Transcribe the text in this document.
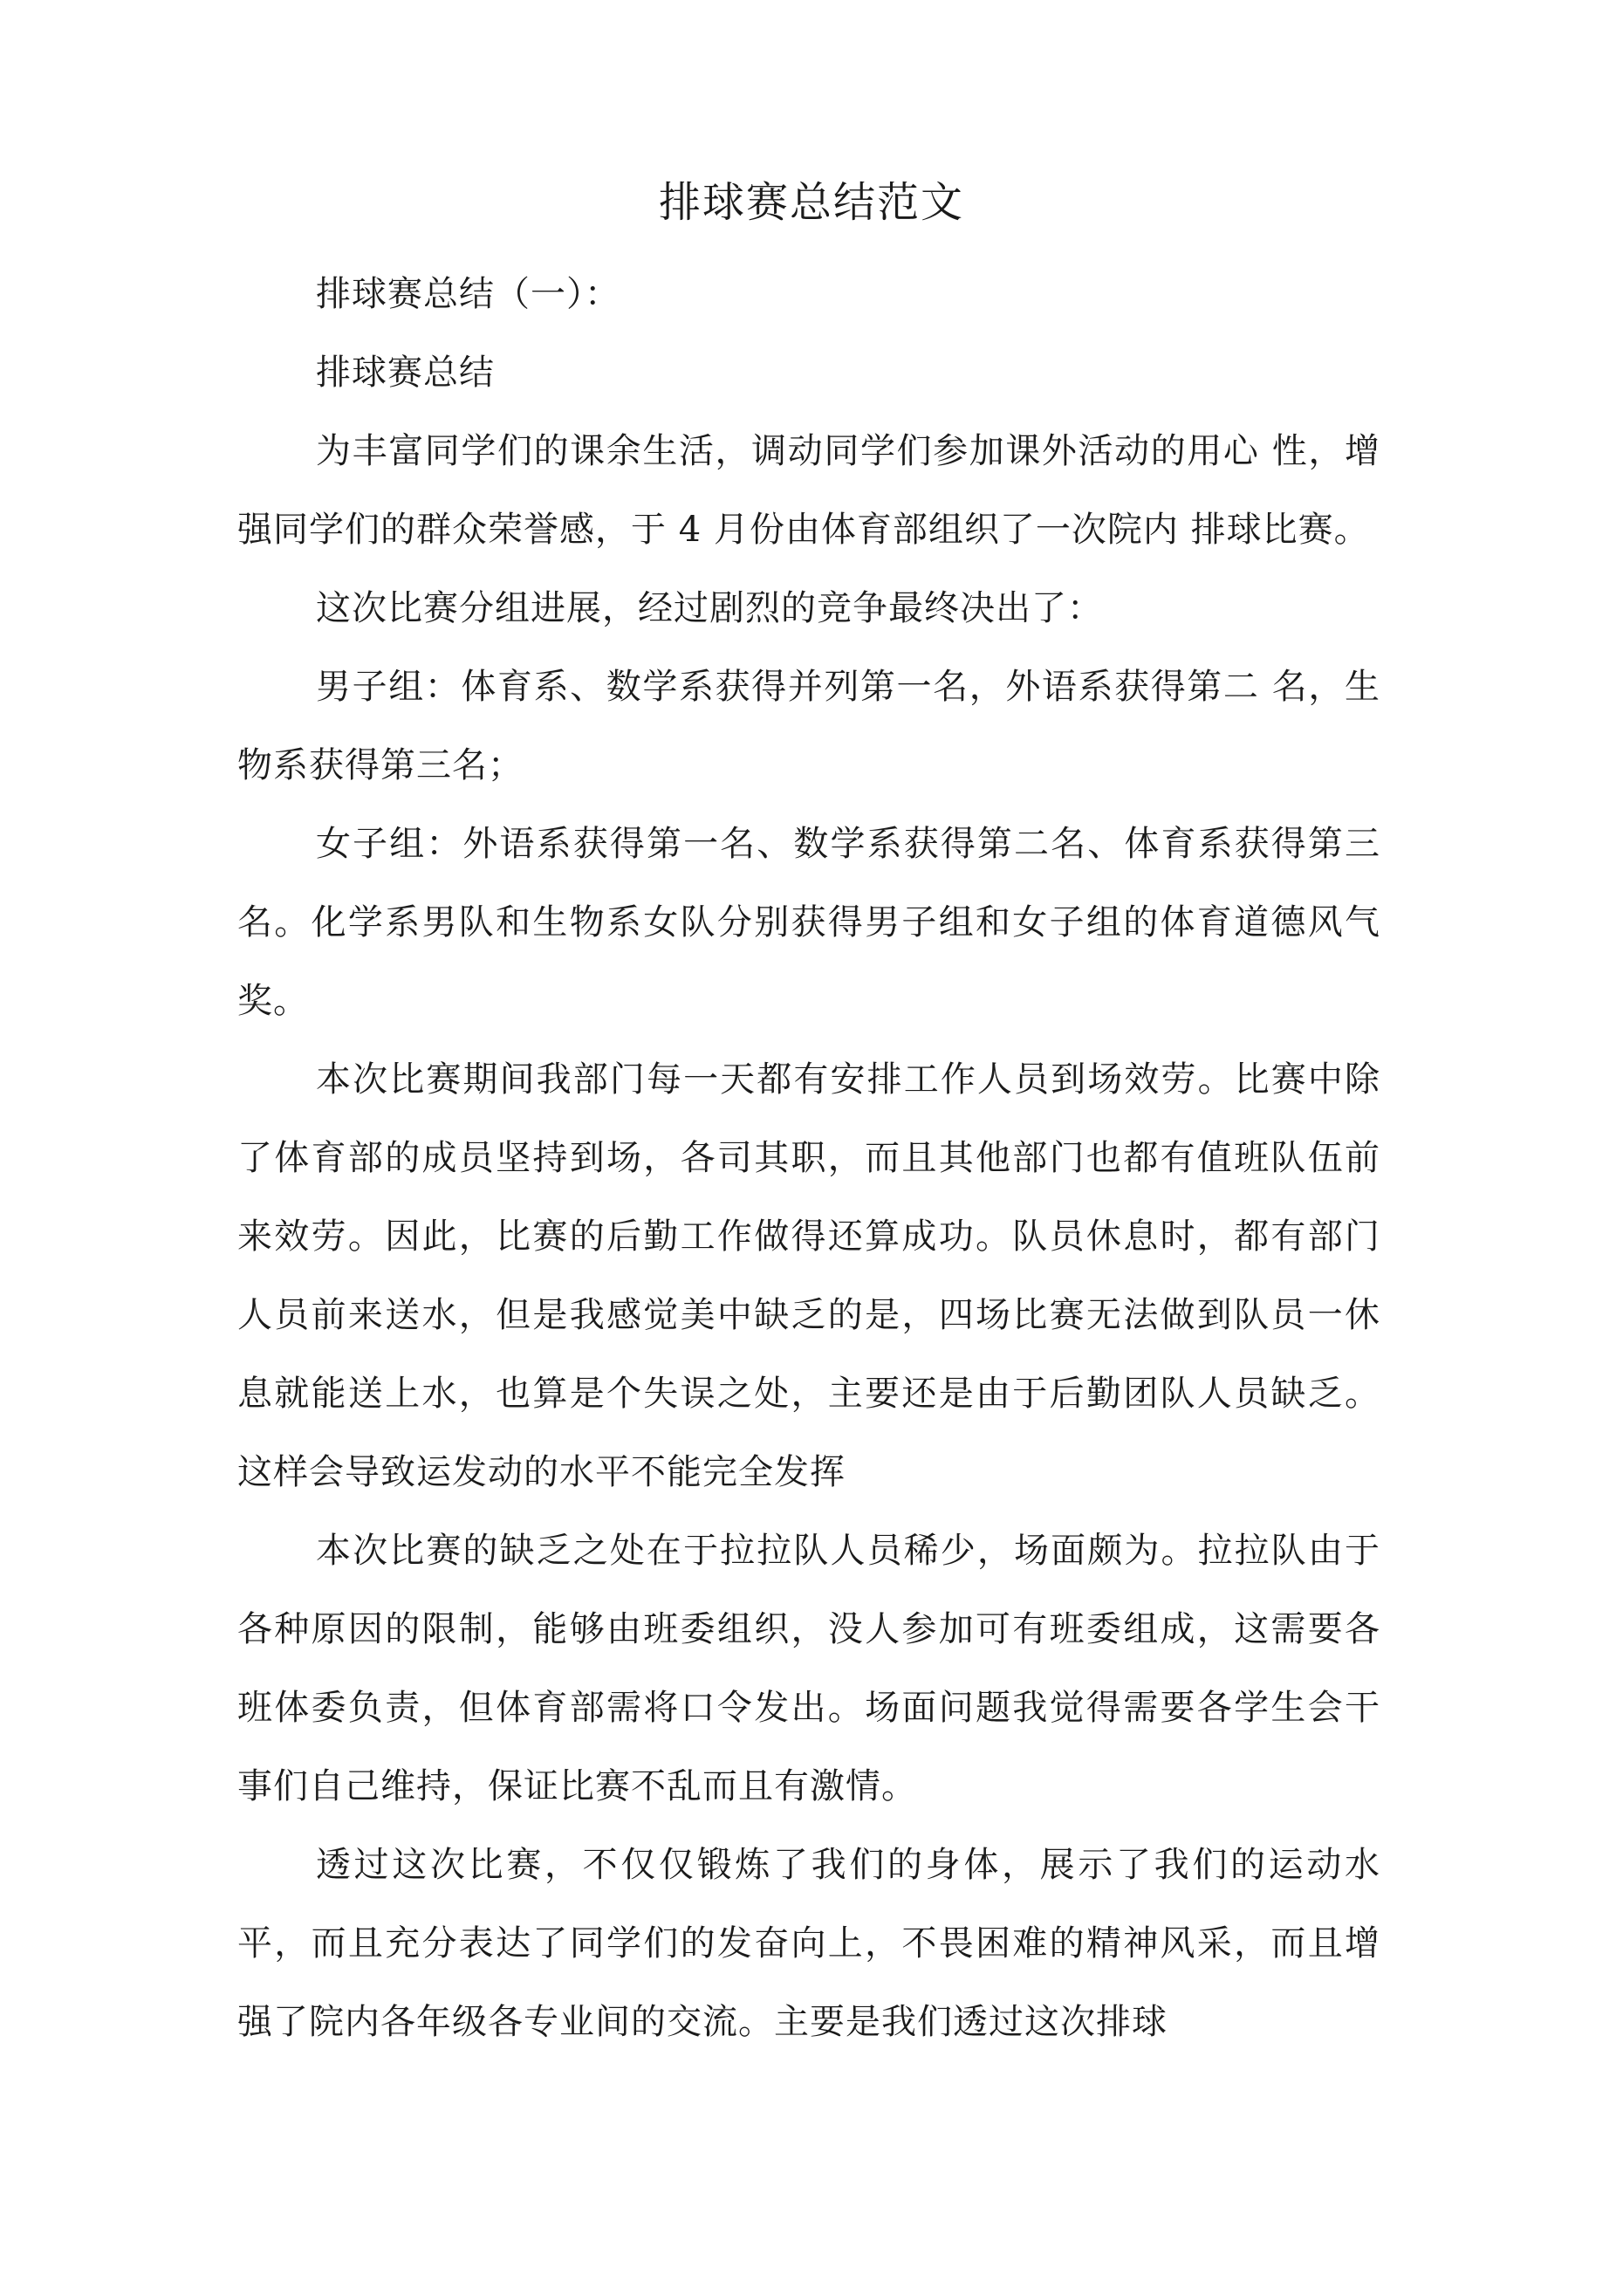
排球赛总结范文

排球赛总结（一）：

排球赛总结

为丰富同学们的课余生活，调动同学们参加课外活动的用心 性，增强同学们的群众荣誉感，于 4 月份由体育部组织了一次院内 排球比赛。

这次比赛分组进展，经过剧烈的竞争最终决出了：

男子组：体育系、数学系获得并列第一名，外语系获得第二 名，生物系获得第三名；

女子组：外语系获得第一名、数学系获得第二名、体育系获得第三名。化学系男队和生物系女队分别获得男子组和女子组的体育道德风气奖。

本次比赛期间我部门每一天都有安排工作人员到场效劳。比赛中除了体育部的成员坚持到场，各司其职，而且其他部门也都有值班队伍前来效劳。因此，比赛的后勤工作做得还算成功。队员休息时，都有部门人员前来送水，但是我感觉美中缺乏的是，四场比赛无法做到队员一休息就能送上水，也算是个失误之处，主要还是由于后勤团队人员缺乏。这样会导致运发动的水平不能完全发挥

本次比赛的缺乏之处在于拉拉队人员稀少，场面颇为。拉拉队由于各种原因的限制，能够由班委组织，没人参加可有班委组成，这需要各班体委负责，但体育部需将口令发出。场面问题我觉得需要各学生会干事们自己维持，保证比赛不乱而且有激情。

透过这次比赛，不仅仅锻炼了我们的身体，展示了我们的运动水平，而且充分表达了同学们的发奋向上，不畏困难的精神风采，而且增强了院内各年级各专业间的交流。主要是我们透过这次排球
